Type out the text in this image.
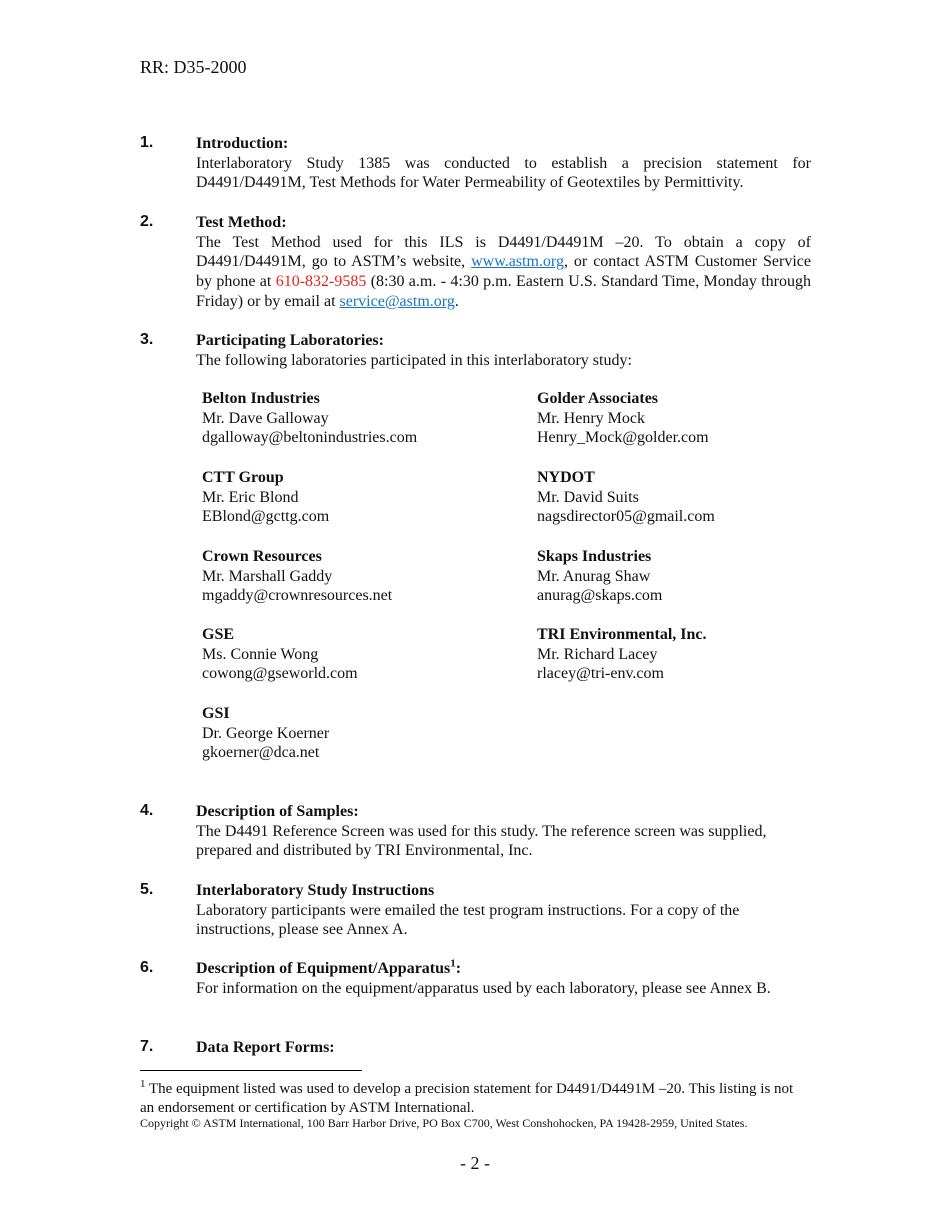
RR: D35-2000
1.	Introduction:
Interlaboratory Study 1385 was conducted to establish a precision statement for D4491/D4491M, Test Methods for Water Permeability of Geotextiles by Permittivity.
2.	Test Method:
The Test Method used for this ILS is D4491/D4491M –20. To obtain a copy of D4491/D4491M, go to ASTM’s website, www.astm.org, or contact ASTM Customer Service by phone at 610-832-9585 (8:30 a.m. - 4:30 p.m. Eastern U.S. Standard Time, Monday through Friday) or by email at service@astm.org.
3.	Participating Laboratories:
The following laboratories participated in this interlaboratory study:
Belton Industries
Mr. Dave Galloway
dgalloway@beltonindustries.com
Golder Associates
Mr. Henry Mock
Henry_Mock@golder.com
CTT Group
Mr. Eric Blond
EBlond@gcttg.com
NYDOT
Mr. David Suits
nagsdirector05@gmail.com
Crown Resources
Mr. Marshall Gaddy
mgaddy@crownresources.net
Skaps Industries
Mr. Anurag Shaw
anurag@skaps.com
GSE
Ms. Connie Wong
cowong@gseworld.com
TRI Environmental, Inc.
Mr. Richard Lacey
rlacey@tri-env.com
GSI
Dr. George Koerner
gkoerner@dca.net
4.	Description of Samples:
The D4491 Reference Screen was used for this study. The reference screen was supplied, prepared and distributed by TRI Environmental, Inc.
5.	Interlaboratory Study Instructions
Laboratory participants were emailed the test program instructions. For a copy of the instructions, please see Annex A.
6.	Description of Equipment/Apparatus$^1$:
For information on the equipment/apparatus used by each laboratory, please see Annex B.
7.	Data Report Forms:
$^1$ The equipment listed was used to develop a precision statement for D4491/D4491M –20. This listing is not an endorsement or certification by ASTM International.
Copyright © ASTM International, 100 Barr Harbor Drive, PO Box C700, West Conshohocken, PA 19428-2959, United States.
- 2 -
